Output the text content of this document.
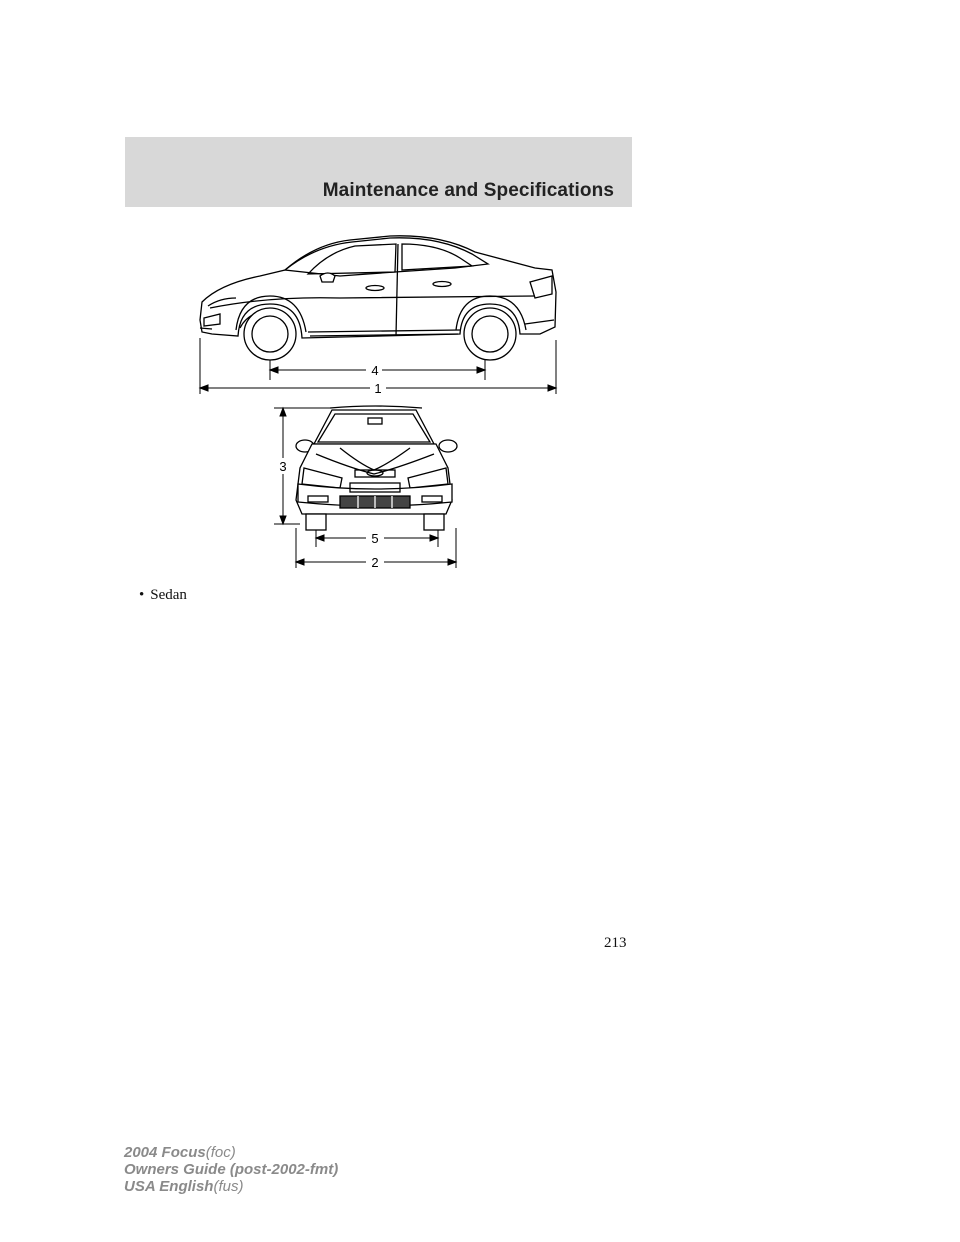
Maintenance and Specifications
4
1
3
5
2
• Sedan
213
2004 Focus(foc)
Owners Guide (post-2002-fmt)
USA English(fus)
